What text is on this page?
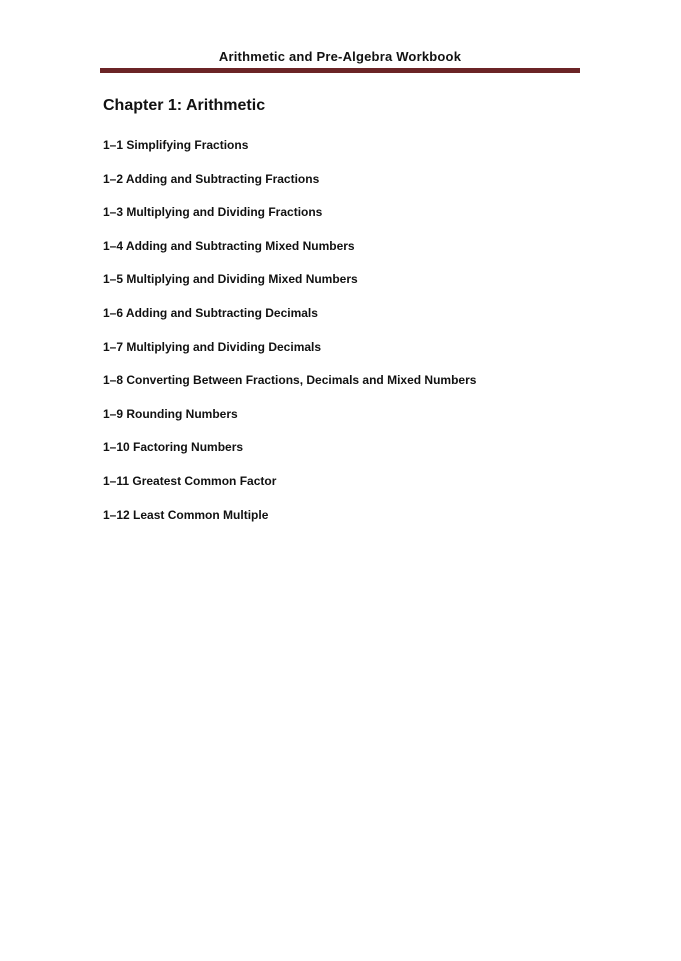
Arithmetic and Pre-Algebra Workbook
Chapter 1: Arithmetic
1–1 Simplifying Fractions
1–2 Adding and Subtracting Fractions
1–3 Multiplying and Dividing Fractions
1–4 Adding and Subtracting Mixed Numbers
1–5 Multiplying and Dividing Mixed Numbers
1–6 Adding and Subtracting Decimals
1–7 Multiplying and Dividing Decimals
1–8 Converting Between Fractions, Decimals and Mixed Numbers
1–9 Rounding Numbers
1–10 Factoring Numbers
1–11 Greatest Common Factor
1–12 Least Common Multiple
